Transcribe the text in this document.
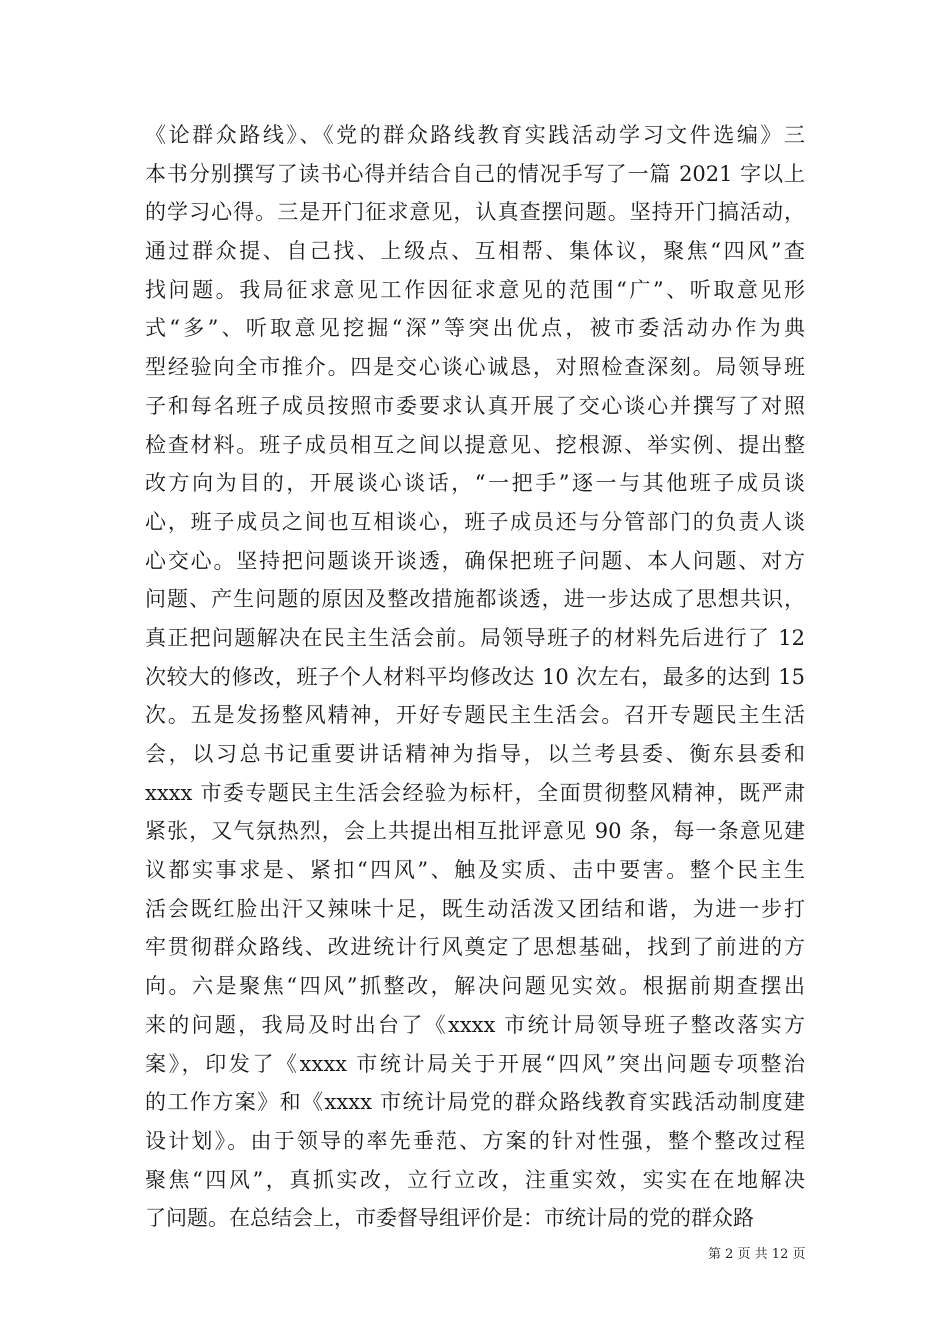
《论群众路线》、《党的群众路线教育实践活动学习文件选编》三
本书分别撰写了读书心得并结合自己的情况手写了一篇 2021 字以上
的学习心得。三是开门征求意见，认真查摆问题。坚持开门搞活动，
通过群众提、自己找、上级点、互相帮、集体议，聚焦“四风”查
找问题。我局征求意见工作因征求意见的范围“广”、听取意见形
式“多”、听取意见挖掘“深”等突出优点，被市委活动办作为典
型经验向全市推介。四是交心谈心诚恳，对照检查深刻。局领导班
子和每名班子成员按照市委要求认真开展了交心谈心并撰写了对照
检查材料。班子成员相互之间以提意见、挖根源、举实例、提出整
改方向为目的，开展谈心谈话，“一把手”逐一与其他班子成员谈
心，班子成员之间也互相谈心，班子成员还与分管部门的负责人谈
心交心。坚持把问题谈开谈透，确保把班子问题、本人问题、对方
问题、产生问题的原因及整改措施都谈透，进一步达成了思想共识，
真正把问题解决在民主生活会前。局领导班子的材料先后进行了 12
次较大的修改，班子个人材料平均修改达 10 次左右，最多的达到 15
次。五是发扬整风精神，开好专题民主生活会。召开专题民主生活
会，以习总书记重要讲话精神为指导，以兰考县委、衡东县委和
xxxx 市委专题民主生活会经验为标杆，全面贯彻整风精神，既严肃
紧张，又气氛热烈，会上共提出相互批评意见 90 条，每一条意见建
议都实事求是、紧扣“四风”、触及实质、击中要害。整个民主生
活会既红脸出汗又辣味十足，既生动活泼又团结和谐，为进一步打
牢贯彻群众路线、改进统计行风奠定了思想基础，找到了前进的方
向。六是聚焦“四风”抓整改，解决问题见实效。根据前期查摆出
来的问题，我局及时出台了《xxxx 市统计局领导班子整改落实方
案》，印发了《xxxx 市统计局关于开展“四风”突出问题专项整治
的工作方案》和《xxxx 市统计局党的群众路线教育实践活动制度建
设计划》。由于领导的率先垂范、方案的针对性强，整个整改过程
聚焦“四风”，真抓实改，立行立改，注重实效，实实在在地解决
了问题。在总结会上，市委督导组评价是：市统计局的党的群众路
第 2 页 共 12 页
